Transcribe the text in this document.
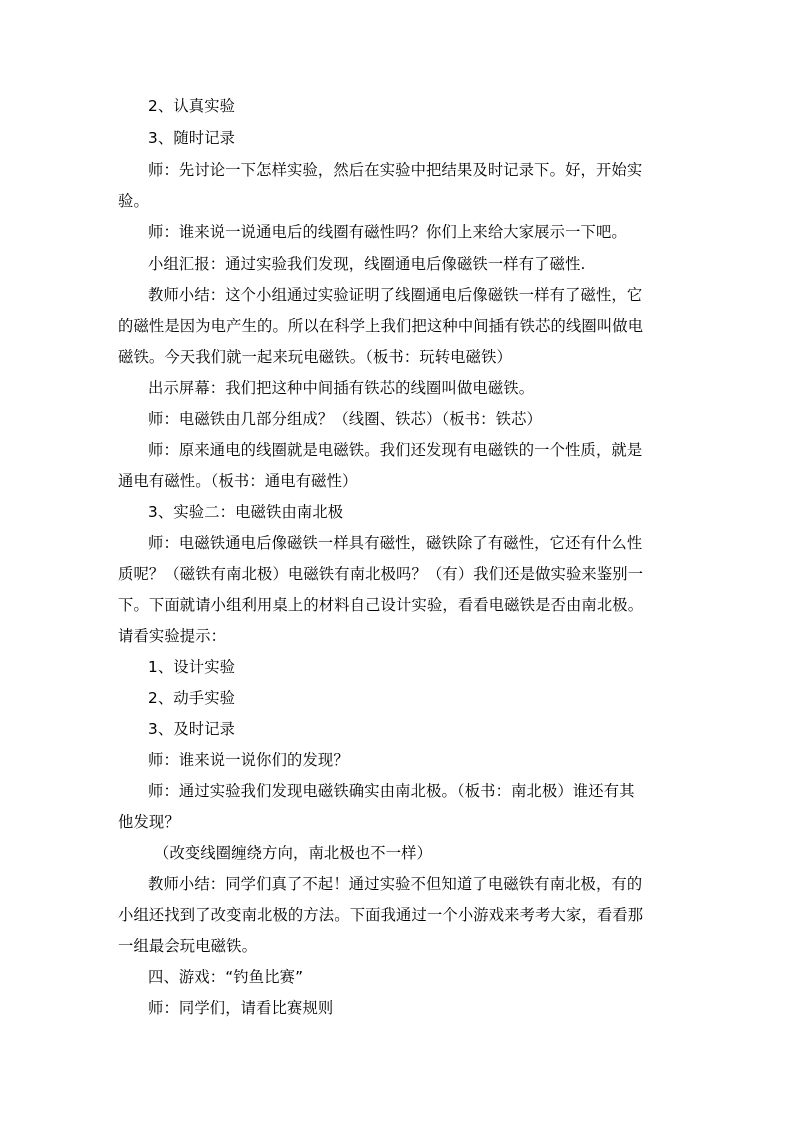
2、认真实验
3、随时记录
师：先讨论一下怎样实验，然后在实验中把结果及时记录下。好，开始实
验。
师：谁来说一说通电后的线圈有磁性吗？你们上来给大家展示一下吧。
小组汇报：通过实验我们发现，线圈通电后像磁铁一样有了磁性.
教师小结：这个小组通过实验证明了线圈通电后像磁铁一样有了磁性，它
的磁性是因为电产生的。所以在科学上我们把这种中间插有铁芯的线圈叫做电
磁铁。今天我们就一起来玩电磁铁。（板书：玩转电磁铁）
出示屏幕：我们把这种中间插有铁芯的线圈叫做电磁铁。
师：电磁铁由几部分组成？（线圈、铁芯）（板书：铁芯）
师：原来通电的线圈就是电磁铁。我们还发现有电磁铁的一个性质，就是
通电有磁性。（板书：通电有磁性）
3、实验二：电磁铁由南北极
师：电磁铁通电后像磁铁一样具有磁性，磁铁除了有磁性，它还有什么性
质呢？（磁铁有南北极）电磁铁有南北极吗？（有）我们还是做实验来鉴别一
下。下面就请小组利用桌上的材料自己设计实验，看看电磁铁是否由南北极。
请看实验提示：
1、设计实验
2、动手实验
3、及时记录
师：谁来说一说你们的发现？
师：通过实验我们发现电磁铁确实由南北极。（板书：南北极）谁还有其
他发现？
（改变线圈缠绕方向，南北极也不一样）
教师小结：同学们真了不起！通过实验不但知道了电磁铁有南北极，有的
小组还找到了改变南北极的方法。下面我通过一个小游戏来考考大家，看看那
一组最会玩电磁铁。
四、游戏：“钓鱼比赛”
师：同学们，请看比赛规则
